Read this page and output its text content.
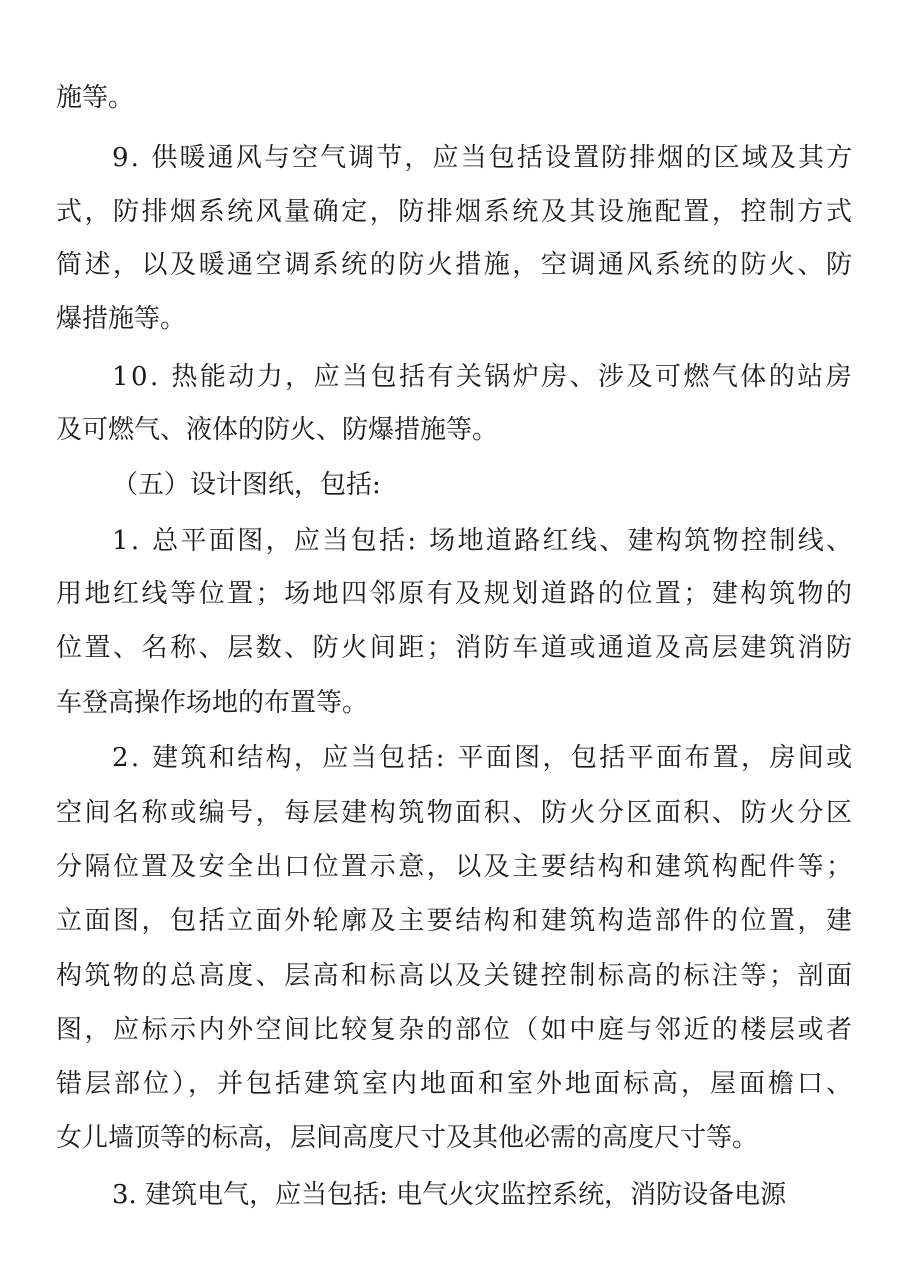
施等。
9. 供暖通风与空气调节，应当包括设置防排烟的区域及其方
式，防排烟系统风量确定，防排烟系统及其设施配置，控制方式
简述，以及暖通空调系统的防火措施，空调通风系统的防火、防
爆措施等。
10. 热能动力，应当包括有关锅炉房、涉及可燃气体的站房
及可燃气、液体的防火、防爆措施等。
（五）设计图纸，包括:
1. 总平面图，应当包括: 场地道路红线、建构筑物控制线、
用地红线等位置；场地四邻原有及规划道路的位置；建构筑物的
位置、名称、层数、防火间距；消防车道或通道及高层建筑消防
车登高操作场地的布置等。
2. 建筑和结构，应当包括: 平面图，包括平面布置，房间或
空间名称或编号，每层建构筑物面积、防火分区面积、防火分区
分隔位置及安全出口位置示意，以及主要结构和建筑构配件等；
立面图，包括立面外轮廓及主要结构和建筑构造部件的位置，建
构筑物的总高度、层高和标高以及关键控制标高的标注等；剖面
图，应标示内外空间比较复杂的部位（如中庭与邻近的楼层或者
错层部位），并包括建筑室内地面和室外地面标高，屋面檐口、
女儿墙顶等的标高，层间高度尺寸及其他必需的高度尺寸等。
3. 建筑电气，应当包括: 电气火灾监控系统，消防设备电源
